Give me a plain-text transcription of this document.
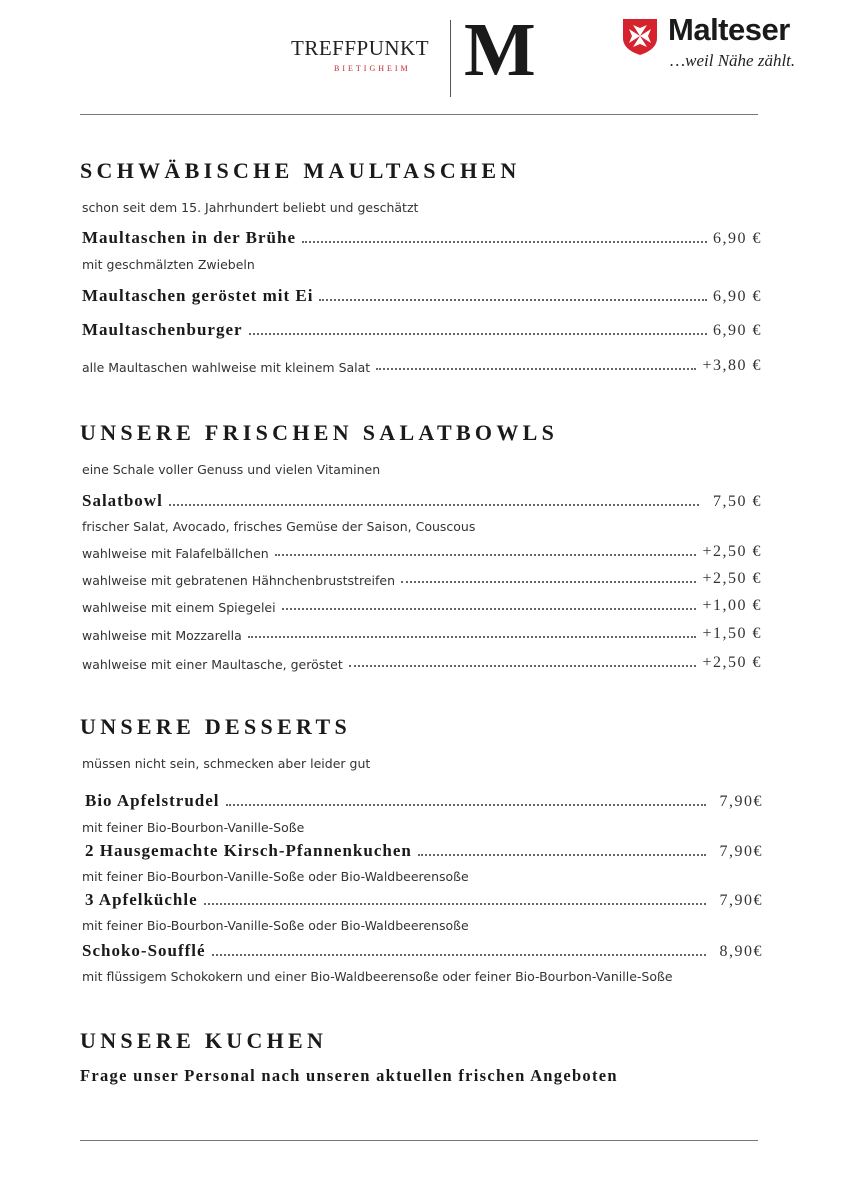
TREFFPUNKT
BIETIGHEIM M	Malteser
…weil Nähe zählt.
SCHWÄBISCHE MAULTASCHEN
schon seit dem 15. Jahrhundert beliebt und geschätzt
Maultaschen in der Brühe	6,90 €
mit geschmälzten Zwiebeln
Maultaschen geröstet mit Ei	6,90 €
Maultaschenburger	6,90 €
alle Maultaschen wahlweise mit kleinem Salat	+3,80 €
UNSERE FRISCHEN SALATBOWLS
eine Schale voller Genuss und vielen Vitaminen
Salatbowl	7,50 €
frischer Salat, Avocado, frisches Gemüse der Saison, Couscous
wahlweise mit Falafelbällchen	+2,50 €
wahlweise mit gebratenen Hähnchenbruststreifen	+2,50 €
wahlweise mit einem Spiegelei	+1,00 €
wahlweise mit Mozzarella	+1,50 €
wahlweise mit einer Maultasche, geröstet	+2,50 €
UNSERE DESSERTS
müssen nicht sein, schmecken aber leider gut
Bio Apfelstrudel	7,90€
mit feiner Bio-Bourbon-Vanille-Soße
2 Hausgemachte Kirsch-Pfannenkuchen	7,90€
mit feiner Bio-Bourbon-Vanille-Soße oder Bio-Waldbeerensoße
3 Apfelküchle	7,90€
mit feiner Bio-Bourbon-Vanille-Soße oder Bio-Waldbeerensoße
Schoko-Soufflé	8,90€
mit flüssigem Schokokern und einer Bio-Waldbeerensoße oder feiner Bio-Bourbon-Vanille-Soße
UNSERE KUCHEN
Frage unser Personal nach unseren aktuellen frischen Angeboten
